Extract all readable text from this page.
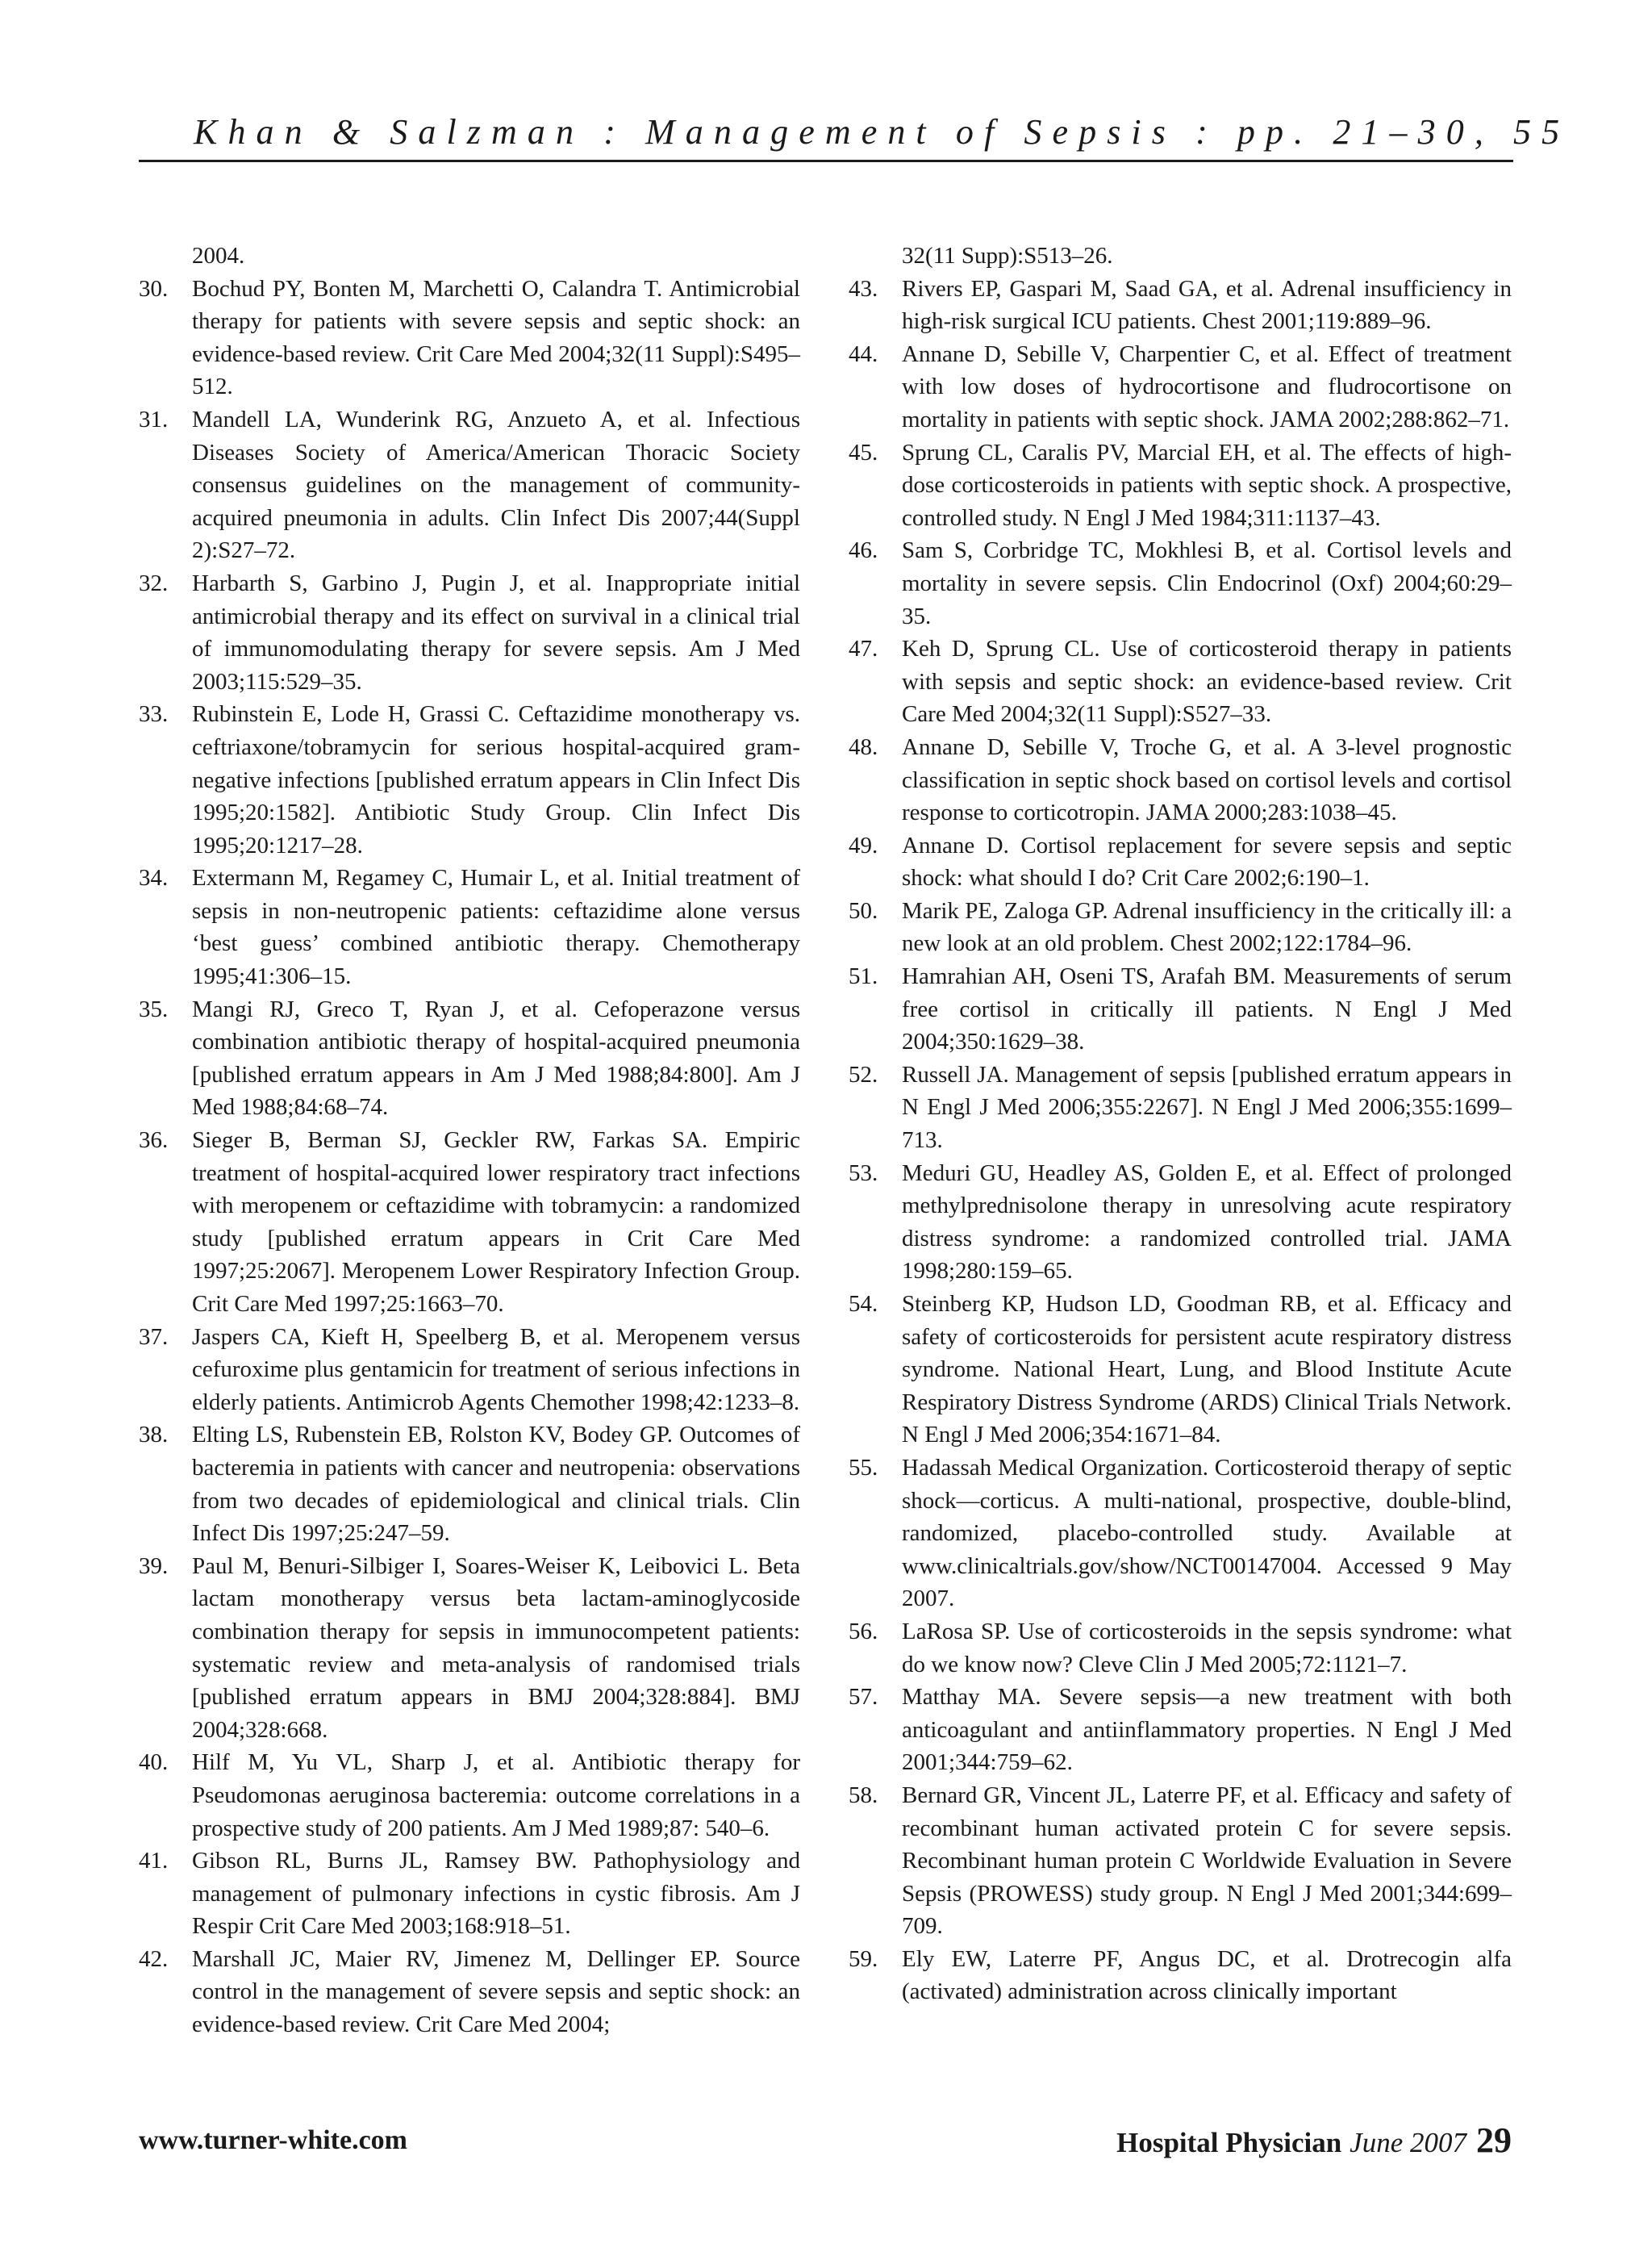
Khan & Salzman : Management of Sepsis : pp. 21–30, 55
2004.
30. Bochud PY, Bonten M, Marchetti O, Calandra T. Antimicrobial therapy for patients with severe sepsis and septic shock: an evidence-based review. Crit Care Med 2004;32(11 Suppl):S495–512.
31. Mandell LA, Wunderink RG, Anzueto A, et al. Infectious Diseases Society of America/American Thoracic Society consensus guidelines on the management of community-acquired pneumonia in adults. Clin Infect Dis 2007;44(Suppl 2):S27–72.
32. Harbarth S, Garbino J, Pugin J, et al. Inappropriate initial antimicrobial therapy and its effect on survival in a clinical trial of immunomodulating therapy for severe sepsis. Am J Med 2003;115:529–35.
33. Rubinstein E, Lode H, Grassi C. Ceftazidime monotherapy vs. ceftriaxone/tobramycin for serious hospital-acquired gram-negative infections [published erratum appears in Clin Infect Dis 1995;20:1582]. Antibiotic Study Group. Clin Infect Dis 1995;20:1217–28.
34. Extermann M, Regamey C, Humair L, et al. Initial treatment of sepsis in non-neutropenic patients: ceftazidime alone versus ‘best guess’ combined antibiotic therapy. Chemotherapy 1995;41:306–15.
35. Mangi RJ, Greco T, Ryan J, et al. Cefoperazone versus combination antibiotic therapy of hospital-acquired pneumonia [published erratum appears in Am J Med 1988;84:800]. Am J Med 1988;84:68–74.
36. Sieger B, Berman SJ, Geckler RW, Farkas SA. Empiric treatment of hospital-acquired lower respiratory tract infections with meropenem or ceftazidime with tobramycin: a randomized study [published erratum appears in Crit Care Med 1997;25:2067]. Meropenem Lower Respiratory Infection Group. Crit Care Med 1997;25:1663–70.
37. Jaspers CA, Kieft H, Speelberg B, et al. Meropenem versus cefuroxime plus gentamicin for treatment of serious infections in elderly patients. Antimicrob Agents Chemother 1998;42:1233–8.
38. Elting LS, Rubenstein EB, Rolston KV, Bodey GP. Outcomes of bacteremia in patients with cancer and neutropenia: observations from two decades of epidemiological and clinical trials. Clin Infect Dis 1997;25:247–59.
39. Paul M, Benuri-Silbiger I, Soares-Weiser K, Leibovici L. Beta lactam monotherapy versus beta lactam-aminoglycoside combination therapy for sepsis in immunocompetent patients: systematic review and meta-analysis of randomised trials [published erratum appears in BMJ 2004;328:884]. BMJ 2004;328:668.
40. Hilf M, Yu VL, Sharp J, et al. Antibiotic therapy for Pseudomonas aeruginosa bacteremia: outcome correlations in a prospective study of 200 patients. Am J Med 1989;87: 540–6.
41. Gibson RL, Burns JL, Ramsey BW. Pathophysiology and management of pulmonary infections in cystic fibrosis. Am J Respir Crit Care Med 2003;168:918–51.
42. Marshall JC, Maier RV, Jimenez M, Dellinger EP. Source control in the management of severe sepsis and septic shock: an evidence-based review. Crit Care Med 2004;
32(11 Supp):S513–26.
43. Rivers EP, Gaspari M, Saad GA, et al. Adrenal insufficiency in high-risk surgical ICU patients. Chest 2001;119:889–96.
44. Annane D, Sebille V, Charpentier C, et al. Effect of treatment with low doses of hydrocortisone and fludrocortisone on mortality in patients with septic shock. JAMA 2002;288:862–71.
45. Sprung CL, Caralis PV, Marcial EH, et al. The effects of high-dose corticosteroids in patients with septic shock. A prospective, controlled study. N Engl J Med 1984;311:1137–43.
46. Sam S, Corbridge TC, Mokhlesi B, et al. Cortisol levels and mortality in severe sepsis. Clin Endocrinol (Oxf) 2004;60:29–35.
47. Keh D, Sprung CL. Use of corticosteroid therapy in patients with sepsis and septic shock: an evidence-based review. Crit Care Med 2004;32(11 Suppl):S527–33.
48. Annane D, Sebille V, Troche G, et al. A 3-level prognostic classification in septic shock based on cortisol levels and cortisol response to corticotropin. JAMA 2000;283:1038–45.
49. Annane D. Cortisol replacement for severe sepsis and septic shock: what should I do? Crit Care 2002;6:190–1.
50. Marik PE, Zaloga GP. Adrenal insufficiency in the critically ill: a new look at an old problem. Chest 2002;122:1784–96.
51. Hamrahian AH, Oseni TS, Arafah BM. Measurements of serum free cortisol in critically ill patients. N Engl J Med 2004;350:1629–38.
52. Russell JA. Management of sepsis [published erratum appears in N Engl J Med 2006;355:2267]. N Engl J Med 2006;355:1699–713.
53. Meduri GU, Headley AS, Golden E, et al. Effect of prolonged methylprednisolone therapy in unresolving acute respiratory distress syndrome: a randomized controlled trial. JAMA 1998;280:159–65.
54. Steinberg KP, Hudson LD, Goodman RB, et al. Efficacy and safety of corticosteroids for persistent acute respiratory distress syndrome. National Heart, Lung, and Blood Institute Acute Respiratory Distress Syndrome (ARDS) Clinical Trials Network. N Engl J Med 2006;354:1671–84.
55. Hadassah Medical Organization. Corticosteroid therapy of septic shock—corticus. A multi-national, prospective, double-blind, randomized, placebo-controlled study. Available at www.clinicaltrials.gov/show/NCT00147004. Accessed 9 May 2007.
56. LaRosa SP. Use of corticosteroids in the sepsis syndrome: what do we know now? Cleve Clin J Med 2005;72:1121–7.
57. Matthay MA. Severe sepsis—a new treatment with both anticoagulant and antiinflammatory properties. N Engl J Med 2001;344:759–62.
58. Bernard GR, Vincent JL, Laterre PF, et al. Efficacy and safety of recombinant human activated protein C for severe sepsis. Recombinant human protein C Worldwide Evaluation in Severe Sepsis (PROWESS) study group. N Engl J Med 2001;344:699–709.
59. Ely EW, Laterre PF, Angus DC, et al. Drotrecogin alfa (activated) administration across clinically important
www.turner-white.com	Hospital Physician June 2007 29
